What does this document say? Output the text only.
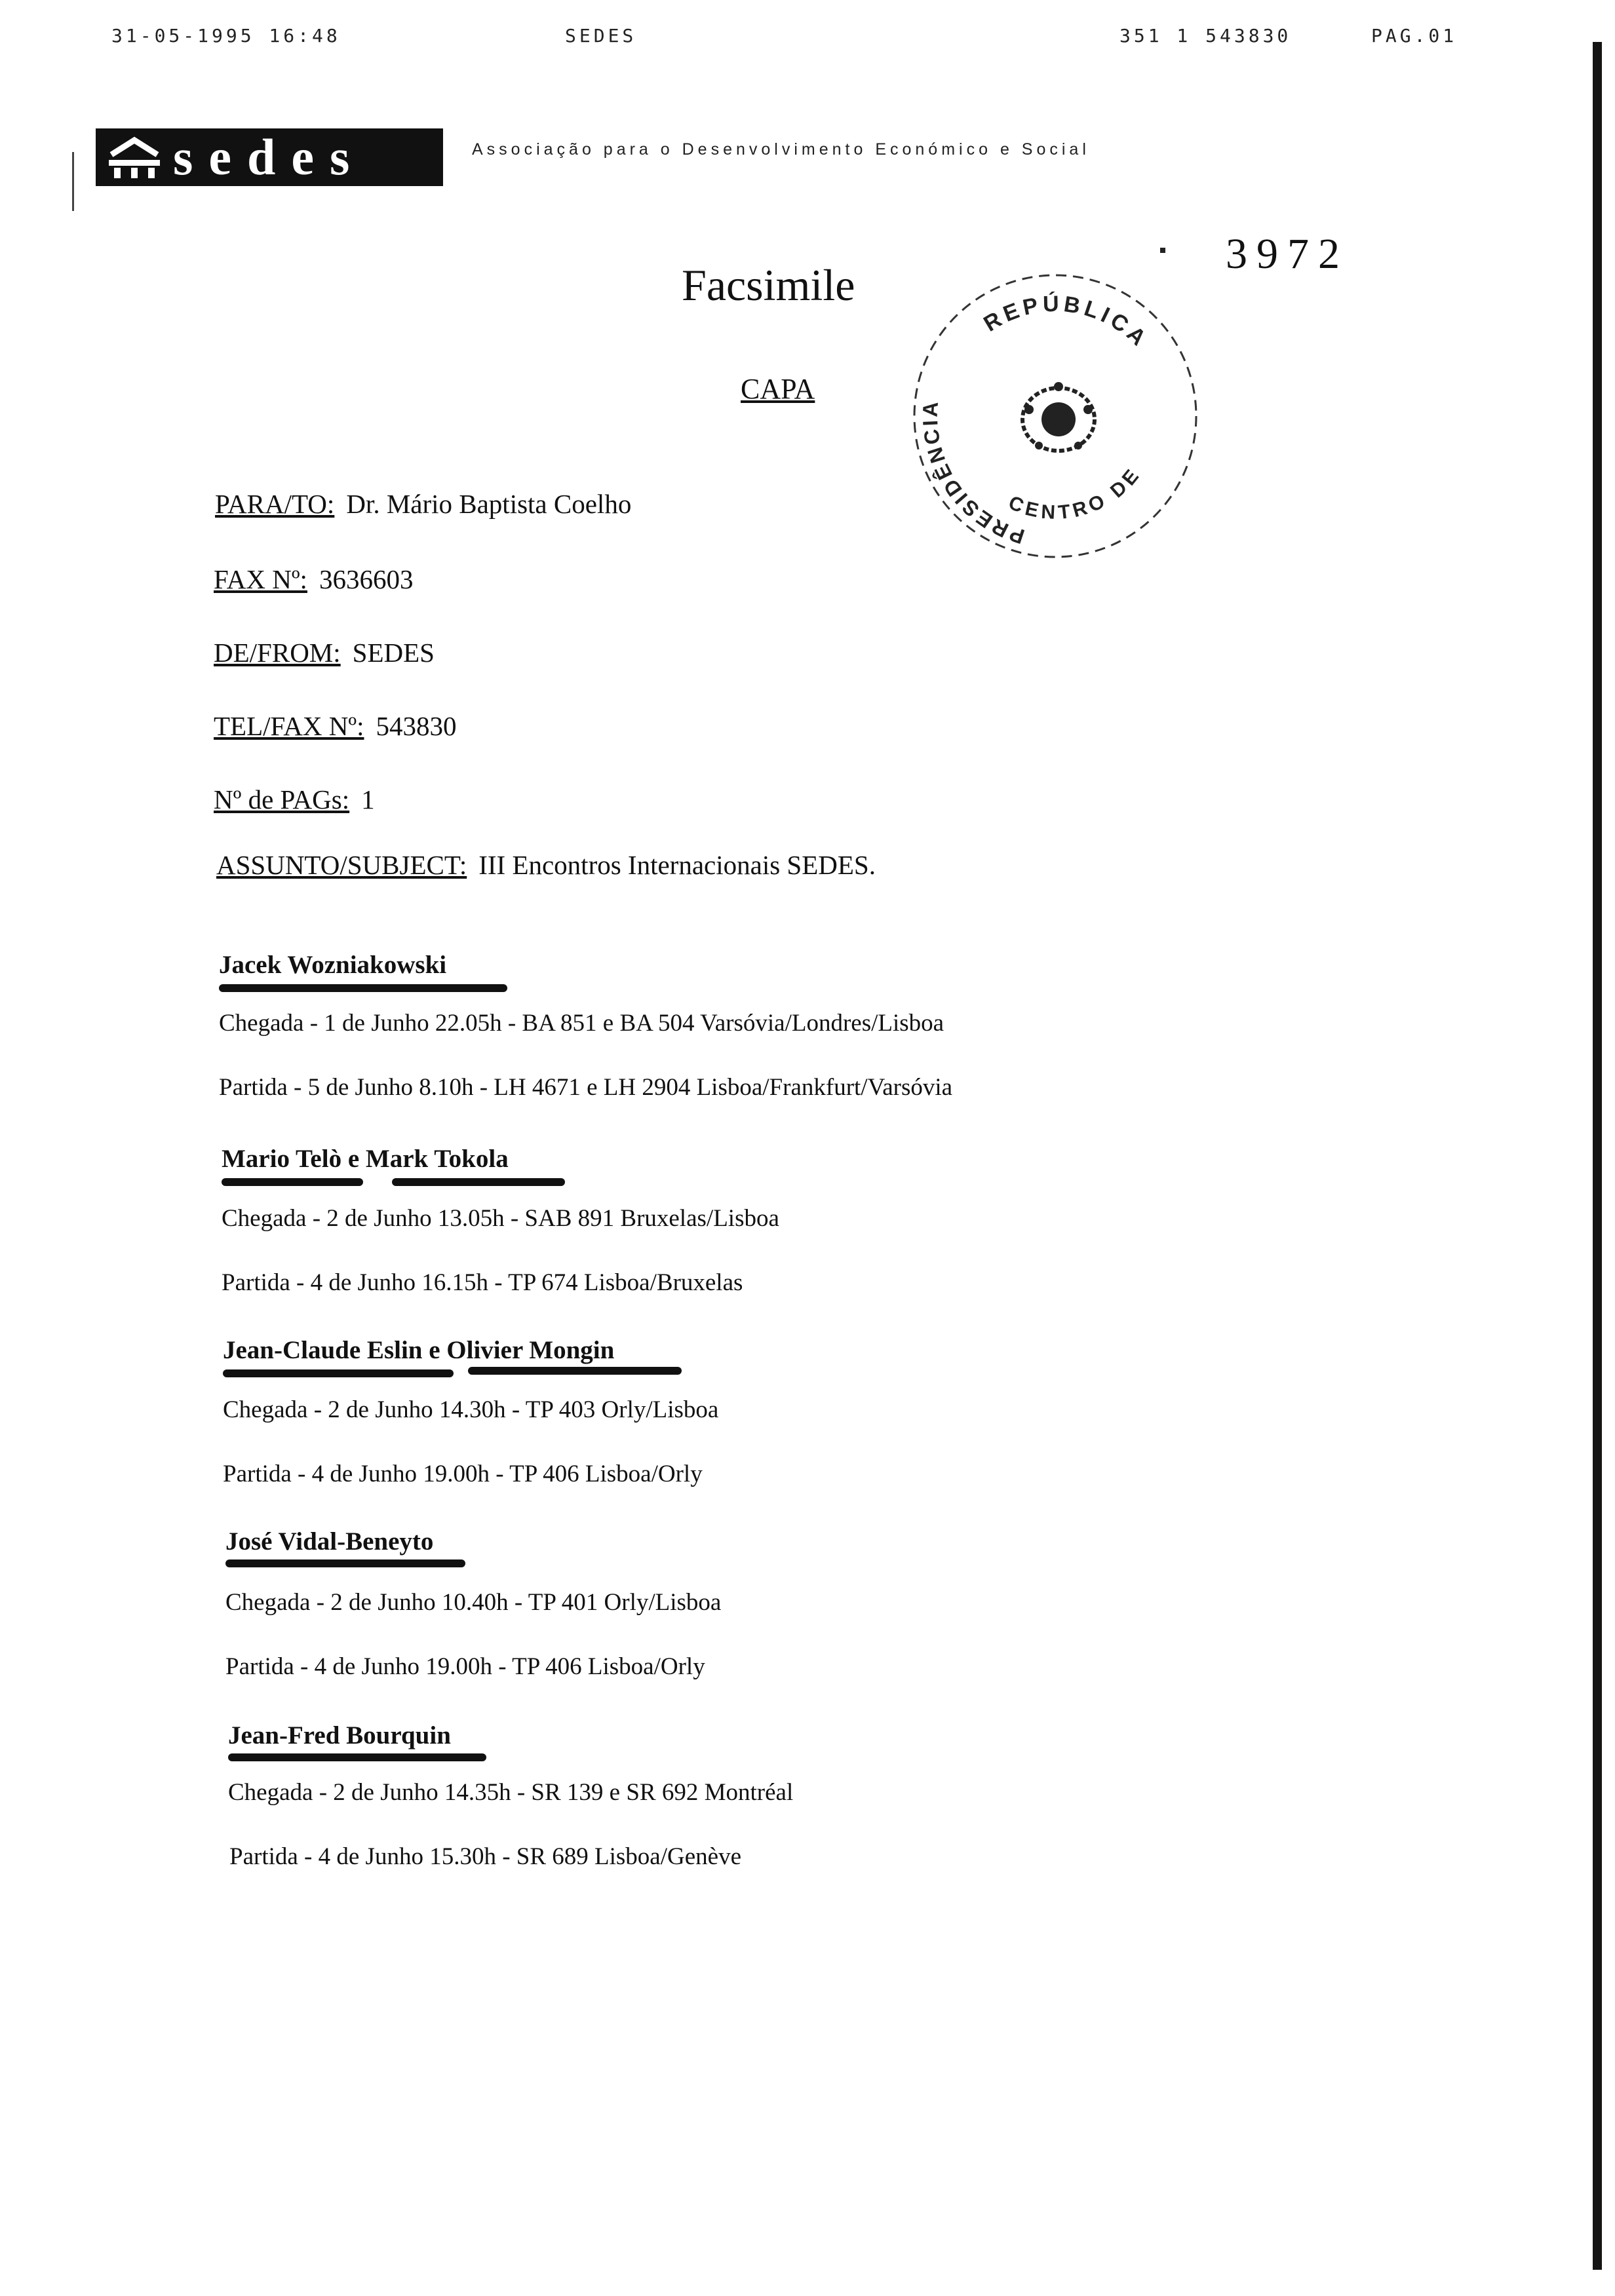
31-05-1995 16:48	SEDES	351 1 543830	PAG.01
sedes	Associação para o Desenvolvimento Económico e Social
3972
Facsimile
CAPA
REPÚBLICA
PRESIDÊNCIA
CENTRO DE
PARA/TO: Dr. Mário Baptista Coelho
FAX Nº: 3636603
DE/FROM: SEDES
TEL/FAX Nº: 543830
Nº de PAGs: 1
ASSUNTO/SUBJECT: III Encontros Internacionais SEDES.
Jacek Wozniakowski
Chegada - 1 de Junho 22.05h - BA 851 e BA 504 Varsóvia/Londres/Lisboa
Partida - 5 de Junho 8.10h - LH 4671 e LH 2904 Lisboa/Frankfurt/Varsóvia
Mario Telò e Mark Tokola
Chegada - 2 de Junho 13.05h - SAB 891 Bruxelas/Lisboa
Partida - 4 de Junho 16.15h - TP 674 Lisboa/Bruxelas
Jean-Claude Eslin e Olivier Mongin
Chegada - 2 de Junho 14.30h - TP 403 Orly/Lisboa
Partida - 4 de Junho 19.00h - TP 406 Lisboa/Orly
José Vidal-Beneyto
Chegada - 2 de Junho 10.40h - TP 401 Orly/Lisboa
Partida - 4 de Junho 19.00h - TP 406 Lisboa/Orly
Jean-Fred Bourquin
Chegada - 2 de Junho 14.35h - SR 139 e SR 692 Montréal
Partida - 4 de Junho 15.30h - SR 689 Lisboa/Genève
